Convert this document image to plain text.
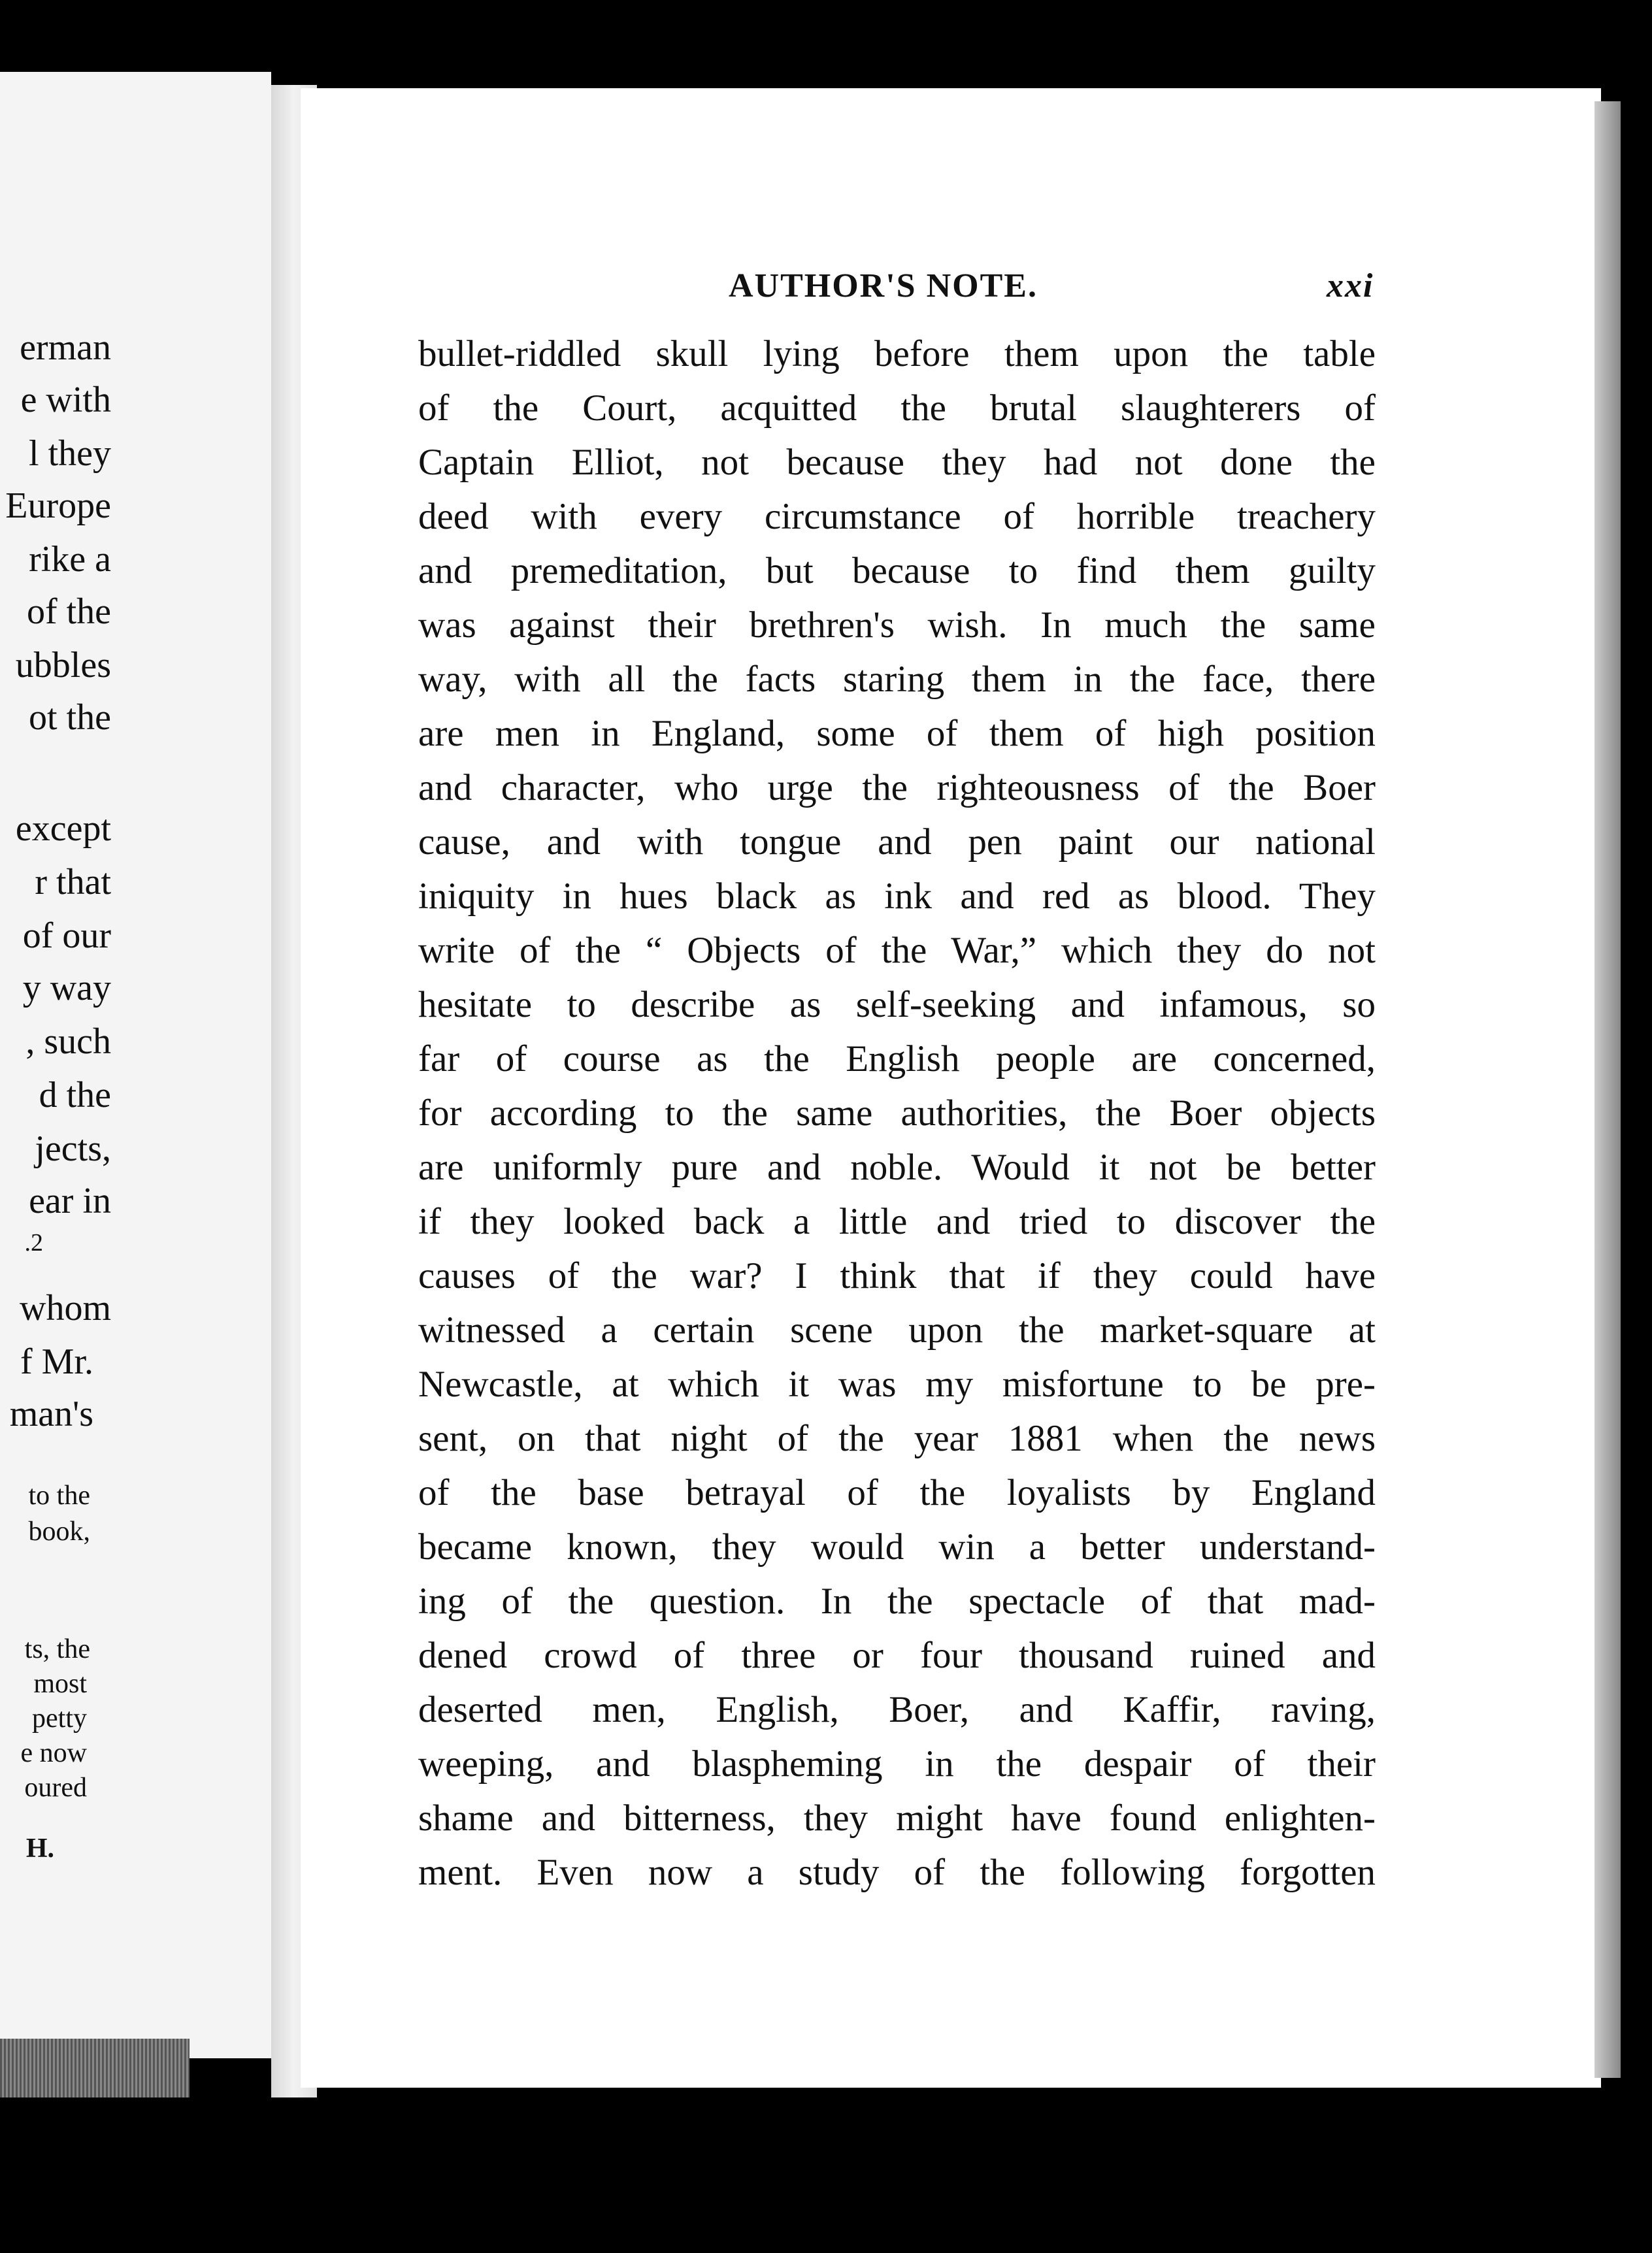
erman

e with

l they

Europe

rike a

of the

ubbles

ot the

except

r that

of our

y way

, such

d the

jects,

ear in

.2

whom

f Mr.

man's

to the

book,

ts, the

most

petty

e now

oured

H.

AUTHOR'S NOTE.	xxi

bullet-riddled skull lying before them upon the table
of the Court, acquitted the brutal slaughterers of
Captain Elliot, not because they had not done the
deed with every circumstance of horrible treachery
and premeditation, but because to find them guilty
was against their brethren's wish. In much the same
way, with all the facts staring them in the face, there
are men in England, some of them of high position
and character, who urge the righteousness of the Boer
cause, and with tongue and pen paint our national
iniquity in hues black as ink and red as blood. They
write of the “ Objects of the War,” which they do not
hesitate to describe as self-seeking and infamous, so
far of course as the English people are concerned,
for according to the same authorities, the Boer objects
are uniformly pure and noble. Would it not be better
if they looked back a little and tried to discover the
causes of the war? I think that if they could have
witnessed a certain scene upon the market-square at
Newcastle, at which it was my misfortune to be pre-
sent, on that night of the year 1881 when the news
of the base betrayal of the loyalists by England
became known, they would win a better understand-
ing of the question. In the spectacle of that mad-
dened crowd of three or four thousand ruined and
deserted men, English, Boer, and Kaffir, raving,
weeping, and blaspheming in the despair of their
shame and bitterness, they might have found enlighten-
ment. Even now a study of the following forgotten
